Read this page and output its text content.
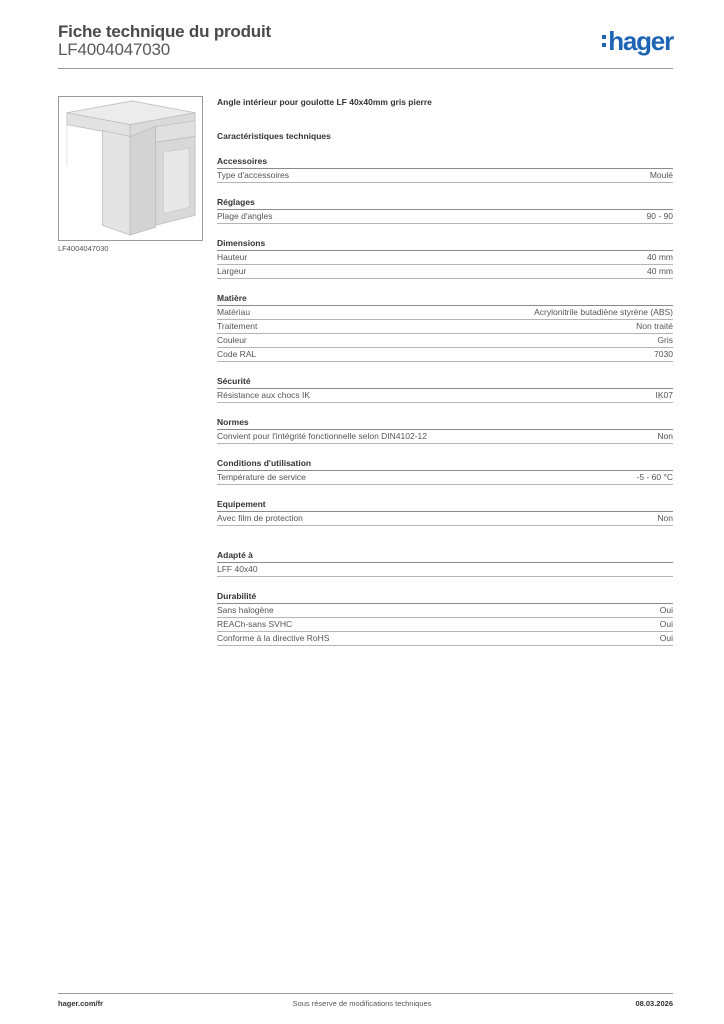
Fiche technique du produit
LF4004047030	hager
LF4004047030
Angle intérieur pour goulotte LF 40x40mm gris pierre
Caractéristiques techniques
Accessoires
Type d'accessoires	Moulé
Réglages
Plage d'angles	90 - 90
Dimensions
Hauteur	40 mm
Largeur	40 mm
Matière
Matériau	Acrylonitrile butadiène styrène (ABS)
Traitement	Non traité
Couleur	Gris
Code RAL	7030
Sécurité
Résistance aux chocs IK	IK07
Normes
Convient pour l'intégrité fonctionnelle selon DIN4102-12	Non
Conditions d'utilisation
Température de service	-5 - 60 °C
Equipement
Avec film de protection	Non
Adapté à
LFF 40x40
Durabilité
Sans halogène	Oui
REACh-sans SVHC	Oui
Conforme à la directive RoHS	Oui
hager.com/fr	Sous réserve de modifications techniques	08.03.2026
